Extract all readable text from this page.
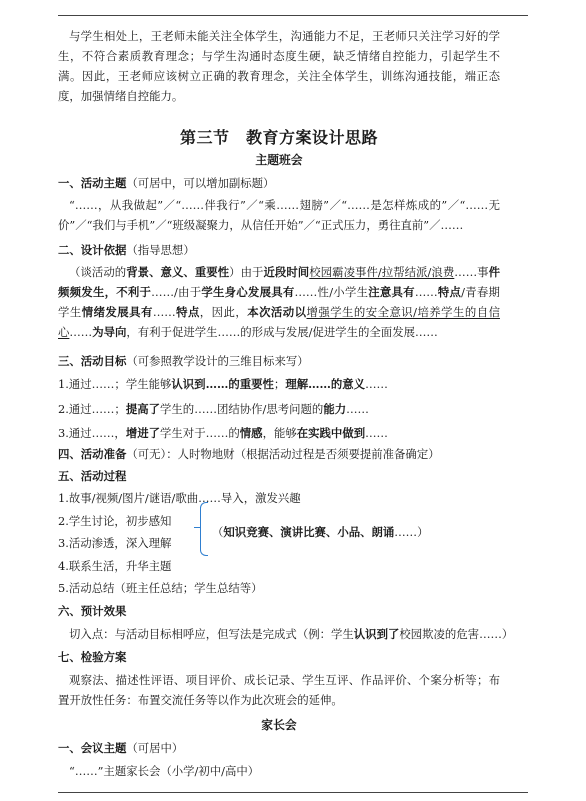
与学生相处上，王老师未能关注全体学生，沟通能力不足，王老师只关注学习好的学生，不符合素质教育理念；与学生沟通时态度生硬，缺乏情绪自控能力，引起学生不满。因此，王老师应该树立正确的教育理念，关注全体学生，训练沟通技能，端正态度，加强情绪自控能力。
第三节　教育方案设计思路
主题班会
一、活动主题（可居中，可以增加副标题）
“……，从我做起”／“……伴我行”／“乘……翅膀”／“……是怎样炼成的”／“……无价”／“我们与手机”／“班级凝聚力，从信任开始”／“正式压力，勇往直前”／……
二、设计依据（指导思想）
（谈活动的背景、意义、重要性）由于近段时间校园霸凌事件/拉帮结派/浪费……事件频频发生，不利于……/由于学生身心发展具有……性/小学生注意具有……特点/青春期学生情绪发展具有……特点，因此，本次活动以增强学生的安全意识/培养学生的自信心……为导向，有利于促进学生……的形成与发展/促进学生的全面发展……
三、活动目标（可参照教学设计的三维目标来写）
1.通过……；学生能够认识到……的重要性；理解……的意义……
2.通过……；提高了学生的……团结协作/思考问题的能力……
3.通过……，增进了学生对于……的情感，能够在实践中做到……
四、活动准备（可无）：人时物地财（根据活动过程是否须要提前准备确定）
五、活动过程
1.故事/视频/图片/谜语/歌曲……导入，激发兴趣
2.学生讨论，初步感知
3.活动渗透，深入理解
4.联系生活，升华主题
（知识竞赛、演讲比赛、小品、朗诵……）
5.活动总结（班主任总结；学生总结等）
六、预计效果
切入点：与活动目标相呼应，但写法是完成式（例：学生认识到了校园欺凌的危害……）
七、检验方案
观察法、描述性评语、项目评价、成长记录、学生互评、作品评价、个案分析等；布置开放性任务：布置交流任务等以作为此次班会的延伸。
家长会
一、会议主题（可居中）
“……”主题家长会（小学/初中/高中）
